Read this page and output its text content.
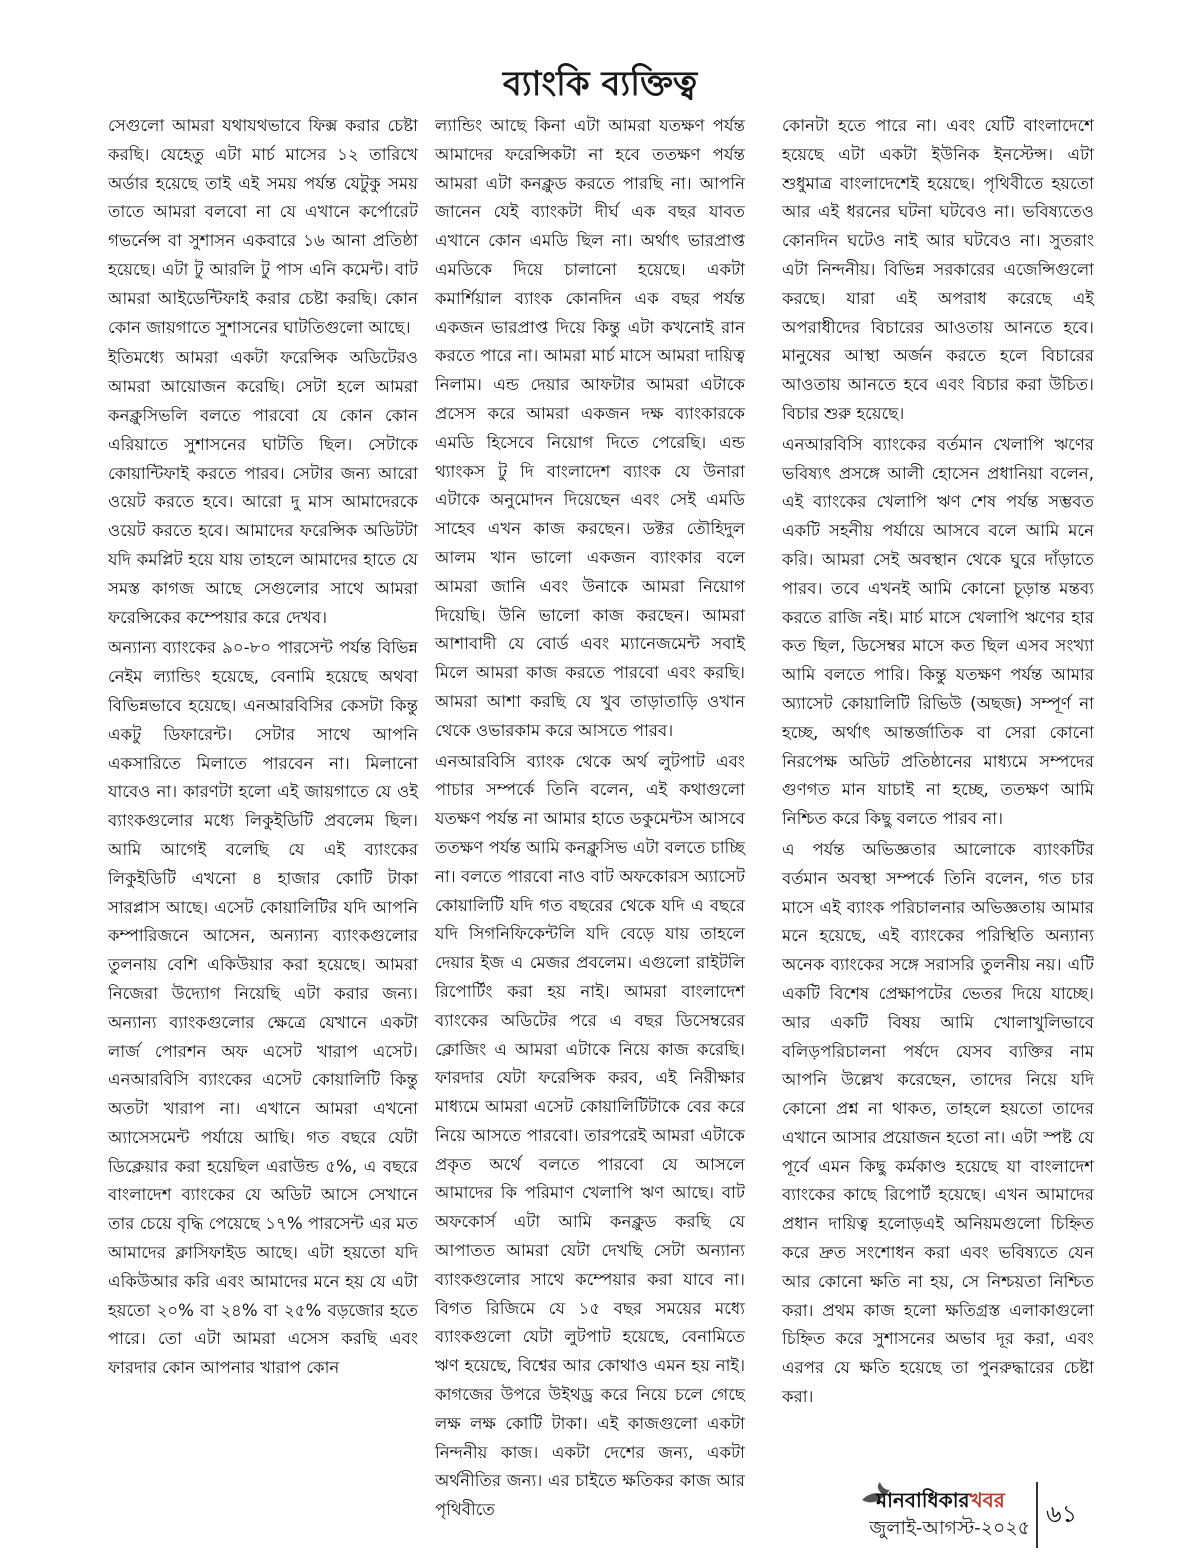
ব্যাংকি ব্যক্তিত্ব

সেগুলো আমরা যথাযথভাবে ফিক্স করার চেষ্টা করছি। যেহেতু এটা মার্চ মাসের ১২ তারিখে অর্ডার হয়েছে তাই এই সময় পর্যন্ত যেটুকু সময় তাতে আমরা বলবো না যে এখানে কর্পোরেট গভর্নেন্স বা সুশাসন একবারে ১৬ আনা প্রতিষ্ঠা হয়েছে। এটা টু আরলি টু পাস এনি কমেন্ট। বাট আমরা আইডেন্টিফাই করার চেষ্টা করছি। কোন কোন জায়গাতে সুশাসনের ঘাটতিগুলো আছে।

ইতিমধ্যে আমরা একটা ফরেন্সিক অডিটেরও আমরা আয়োজন করেছি। সেটা হলে আমরা কনক্লুসিভলি বলতে পারবো যে কোন কোন এরিয়াতে সুশাসনের ঘাটতি ছিল। সেটাকে কোয়ান্টিফাই করতে পারব। সেটার জন্য আরো ওয়েট করতে হবে। আরো দু মাস আমাদেরকে ওয়েট করতে হবে। আমাদের ফরেন্সিক অডিটটা যদি কমপ্লিট হয়ে যায় তাহলে আমাদের হাতে যে সমস্ত কাগজ আছে সেগুলোর সাথে আমরা ফরেন্সিকের কম্পেয়ার করে দেখব।

অন্যান্য ব্যাংকের ৯০-৮০ পারসেন্ট পর্যন্ত বিভিন্ন নেইম ল্যান্ডিং হয়েছে, বেনামি হয়েছে অথবা বিভিন্নভাবে হয়েছে। এনআরবিসির কেসটা কিন্তু একটু ডিফারেন্ট। সেটার সাথে আপনি একসারিতে মিলাতে পারবেন না। মিলানো যাবেও না। কারণটা হলো এই জায়গাতে যে ওই ব্যাংকগুলোর মধ্যে লিকুইডিটি প্রবলেম ছিল। আমি আগেই বলেছি যে এই ব্যাংকের লিকুইডিটি এখনো ৪ হাজার কোটি টাকা সারপ্লাস আছে। এসেট কোয়ালিটির যদি আপনি কম্পারিজনে আসেন, অন্যান্য ব্যাংকগুলোর তুলনায় বেশি একিউয়ার করা হয়েছে। আমরা নিজেরা উদ্যোগ নিয়েছি এটা করার জন্য। অন্যান্য ব্যাংকগুলোর ক্ষেত্রে যেখানে একটা লার্জ পোরশন অফ এসেট খারাপ এসেট। এনআরবিসি ব্যাংকের এসেট কোয়ালিটি কিন্তু অতটা খারাপ না। এখানে আমরা এখনো অ্যাসেসমেন্ট পর্যায়ে আছি। গত বছরে যেটা ডিক্লেয়ার করা হয়েছিল এরাউন্ড ৫%, এ বছরে বাংলাদেশ ব্যাংকের যে অডিট আসে সেখানে তার চেয়ে বৃদ্ধি পেয়েছে ১৭% পারসেন্ট এর মত আমাদের ক্লাসিফাইড আছে। এটা হয়তো যদি একিউআর করি এবং আমাদের মনে হয় যে এটা হয়তো ২০% বা ২৪% বা ২৫% বড়জোর হতে পারে। তো এটা আমরা এসেস করছি এবং ফারদার কোন আপনার খারাপ কোন

ল্যান্ডিং আছে কিনা এটা আমরা যতক্ষণ পর্যন্ত আমাদের ফরেন্সিকটা না হবে ততক্ষণ পর্যন্ত আমরা এটা কনক্লুড করতে পারছি না। আপনি জানেন যেই ব্যাংকটা দীর্ঘ এক বছর যাবত এখানে কোন এমডি ছিল না। অর্থাৎ ভারপ্রাপ্ত এমডিকে দিয়ে চালানো হয়েছে। একটা কমার্শিয়াল ব্যাংক কোনদিন এক বছর পর্যন্ত একজন ভারপ্রাপ্ত দিয়ে কিন্তু এটা কখনোই রান করতে পারে না। আমরা মার্চ মাসে আমরা দায়িত্ব নিলাম। এন্ড দেয়ার আফটার আমরা এটাকে প্রসেস করে আমরা একজন দক্ষ ব্যাংকারকে এমডি হিসেবে নিয়োগ দিতে পেরেছি। এন্ড থ্যাংকস টু দি বাংলাদেশ ব্যাংক যে উনারা এটাকে অনুমোদন দিয়েছেন এবং সেই এমডি সাহেব এখন কাজ করছেন। ডক্টর তৌহিদুল আলম খান ভালো একজন ব্যাংকার বলে আমরা জানি এবং উনাকে আমরা নিয়োগ দিয়েছি। উনি ভালো কাজ করছেন। আমরা আশাবাদী যে বোর্ড এবং ম্যানেজমেন্ট সবাই মিলে আমরা কাজ করতে পারবো এবং করছি। আমরা আশা করছি যে খুব তাড়াতাড়ি ওখান থেকে ওভারকাম করে আসতে পারব।

এনআরবিসি ব্যাংক থেকে অর্থ লুটপাট এবং পাচার সম্পর্কে তিনি বলেন, এই কথাগুলো যতক্ষণ পর্যন্ত না আমার হাতে ডকুমেন্টস আসবে ততক্ষণ পর্যন্ত আমি কনক্লুসিভ এটা বলতে চাচ্ছি না। বলতে পারবো নাও বাট অফকোরস অ্যাসেট কোয়ালিটি যদি গত বছরের থেকে যদি এ বছরে যদি সিগনিফিকেন্টলি যদি বেড়ে যায় তাহলে দেয়ার ইজ এ মেজর প্রবলেম। এগুলো রাইটলি রিপোর্টিং করা হয় নাই। আমরা বাংলাদেশ ব্যাংকের অডিটের পরে এ বছর ডিসেম্বরের ক্লোজিং এ আমরা এটাকে নিয়ে কাজ করেছি। ফারদার যেটা ফরেন্সিক করব, এই নিরীক্ষার মাধ্যমে আমরা এসেট কোয়ালিটিটাকে বের করে নিয়ে আসতে পারবো। তারপরেই আমরা এটাকে প্রকৃত অর্থে বলতে পারবো যে আসলে আমাদের কি পরিমাণ খেলাপি ঋণ আছে। বাট অফকোর্স এটা আমি কনক্লুড করছি যে আপাতত আমরা যেটা দেখছি সেটা অন্যান্য ব্যাংকগুলোর সাথে কম্পেয়ার করা যাবে না। বিগত রিজিমে যে ১৫ বছর সময়ের মধ্যে ব্যাংকগুলো যেটা লুটপাট হয়েছে, বেনামিতে ঋণ হয়েছে, বিশ্বের আর কোথাও এমন হয় নাই। কাগজের উপরে উইথড্র করে নিয়ে চলে গেছে লক্ষ লক্ষ কোটি টাকা। এই কাজগুলো একটা নিন্দনীয় কাজ। একটা দেশের জন্য, একটা অর্থনীতির জন্য। এর চাইতে ক্ষতিকর কাজ আর পৃথিবীতে

কোনটা হতে পারে না। এবং যেটি বাংলাদেশে হয়েছে এটা একটা ইউনিক ইনস্টেন্স। এটা শুধুমাত্র বাংলাদেশেই হয়েছে। পৃথিবীতে হয়তো আর এই ধরনের ঘটনা ঘটবেও না। ভবিষ্যতেও কোনদিন ঘটেও নাই আর ঘটবেও না। সুতরাং এটা নিন্দনীয়। বিভিন্ন সরকারের এজেন্সিগুলো করছে। যারা এই অপরাধ করেছে এই অপরাধীদের বিচারের আওতায় আনতে হবে। মানুষের আস্থা অর্জন করতে হলে বিচারের আওতায় আনতে হবে এবং বিচার করা উচিত। বিচার শুরু হয়েছে।

এনআরবিসি ব্যাংকের বর্তমান খেলাপি ঋণের ভবিষ্যৎ প্রসঙ্গে আলী হোসেন প্রধানিয়া বলেন, এই ব্যাংকের খেলাপি ঋণ শেষ পর্যন্ত সম্ভবত একটি সহনীয় পর্যায়ে আসবে বলে আমি মনে করি। আমরা সেই অবস্থান থেকে ঘুরে দাঁড়াতে পারব। তবে এখনই আমি কোনো চূড়ান্ত মন্তব্য করতে রাজি নই। মার্চ মাসে খেলাপি ঋণের হার কত ছিল, ডিসেম্বর মাসে কত ছিল এসব সংখ্যা আমি বলতে পারি। কিন্তু যতক্ষণ পর্যন্ত আমার অ্যাসেট কোয়ালিটি রিভিউ (অছজ) সম্পূর্ণ না হচ্ছে, অর্থাৎ আন্তর্জাতিক বা সেরা কোনো নিরপেক্ষ অডিট প্রতিষ্ঠানের মাধ্যমে সম্পদের গুণগত মান যাচাই না হচ্ছে, ততক্ষণ আমি নিশ্চিত করে কিছু বলতে পারব না।

এ পর্যন্ত অভিজ্ঞতার আলোকে ব্যাংকটির বর্তমান অবস্থা সম্পর্কে তিনি বলেন, গত চার মাসে এই ব্যাংক পরিচালনার অভিজ্ঞতায় আমার মনে হয়েছে, এই ব্যাংকের পরিস্থিতি অন্যান্য অনেক ব্যাংকের সঙ্গে সরাসরি তুলনীয় নয়। এটি একটি বিশেষ প্রেক্ষাপটের ভেতর দিয়ে যাচ্ছে। আর একটি বিষয় আমি খোলাখুলিভাবে বলিড়পরিচালনা পর্ষদে যেসব ব্যক্তির নাম আপনি উল্লেখ করেছেন, তাদের নিয়ে যদি কোনো প্রশ্ন না থাকত, তাহলে হয়তো তাদের এখানে আসার প্রয়োজন হতো না। এটা স্পষ্ট যে পূর্বে এমন কিছু কর্মকাণ্ড হয়েছে যা বাংলাদেশ ব্যাংকের কাছে রিপোর্ট হয়েছে। এখন আমাদের প্রধান দায়িত্ব হলোড়এই অনিয়মগুলো চিহ্নিত করে দ্রুত সংশোধন করা এবং ভবিষ্যতে যেন আর কোনো ক্ষতি না হয়, সে নিশ্চয়তা নিশ্চিত করা। প্রথম কাজ হলো ক্ষতিগ্রস্ত এলাকাগুলো চিহ্নিত করে সুশাসনের অভাব দূর করা, এবং এরপর যে ক্ষতি হয়েছে তা পুনরুদ্ধারের চেষ্টা করা।

মানবাধিকারখবর
জুলাই-আগস্ট-২০২৫ ৬১
